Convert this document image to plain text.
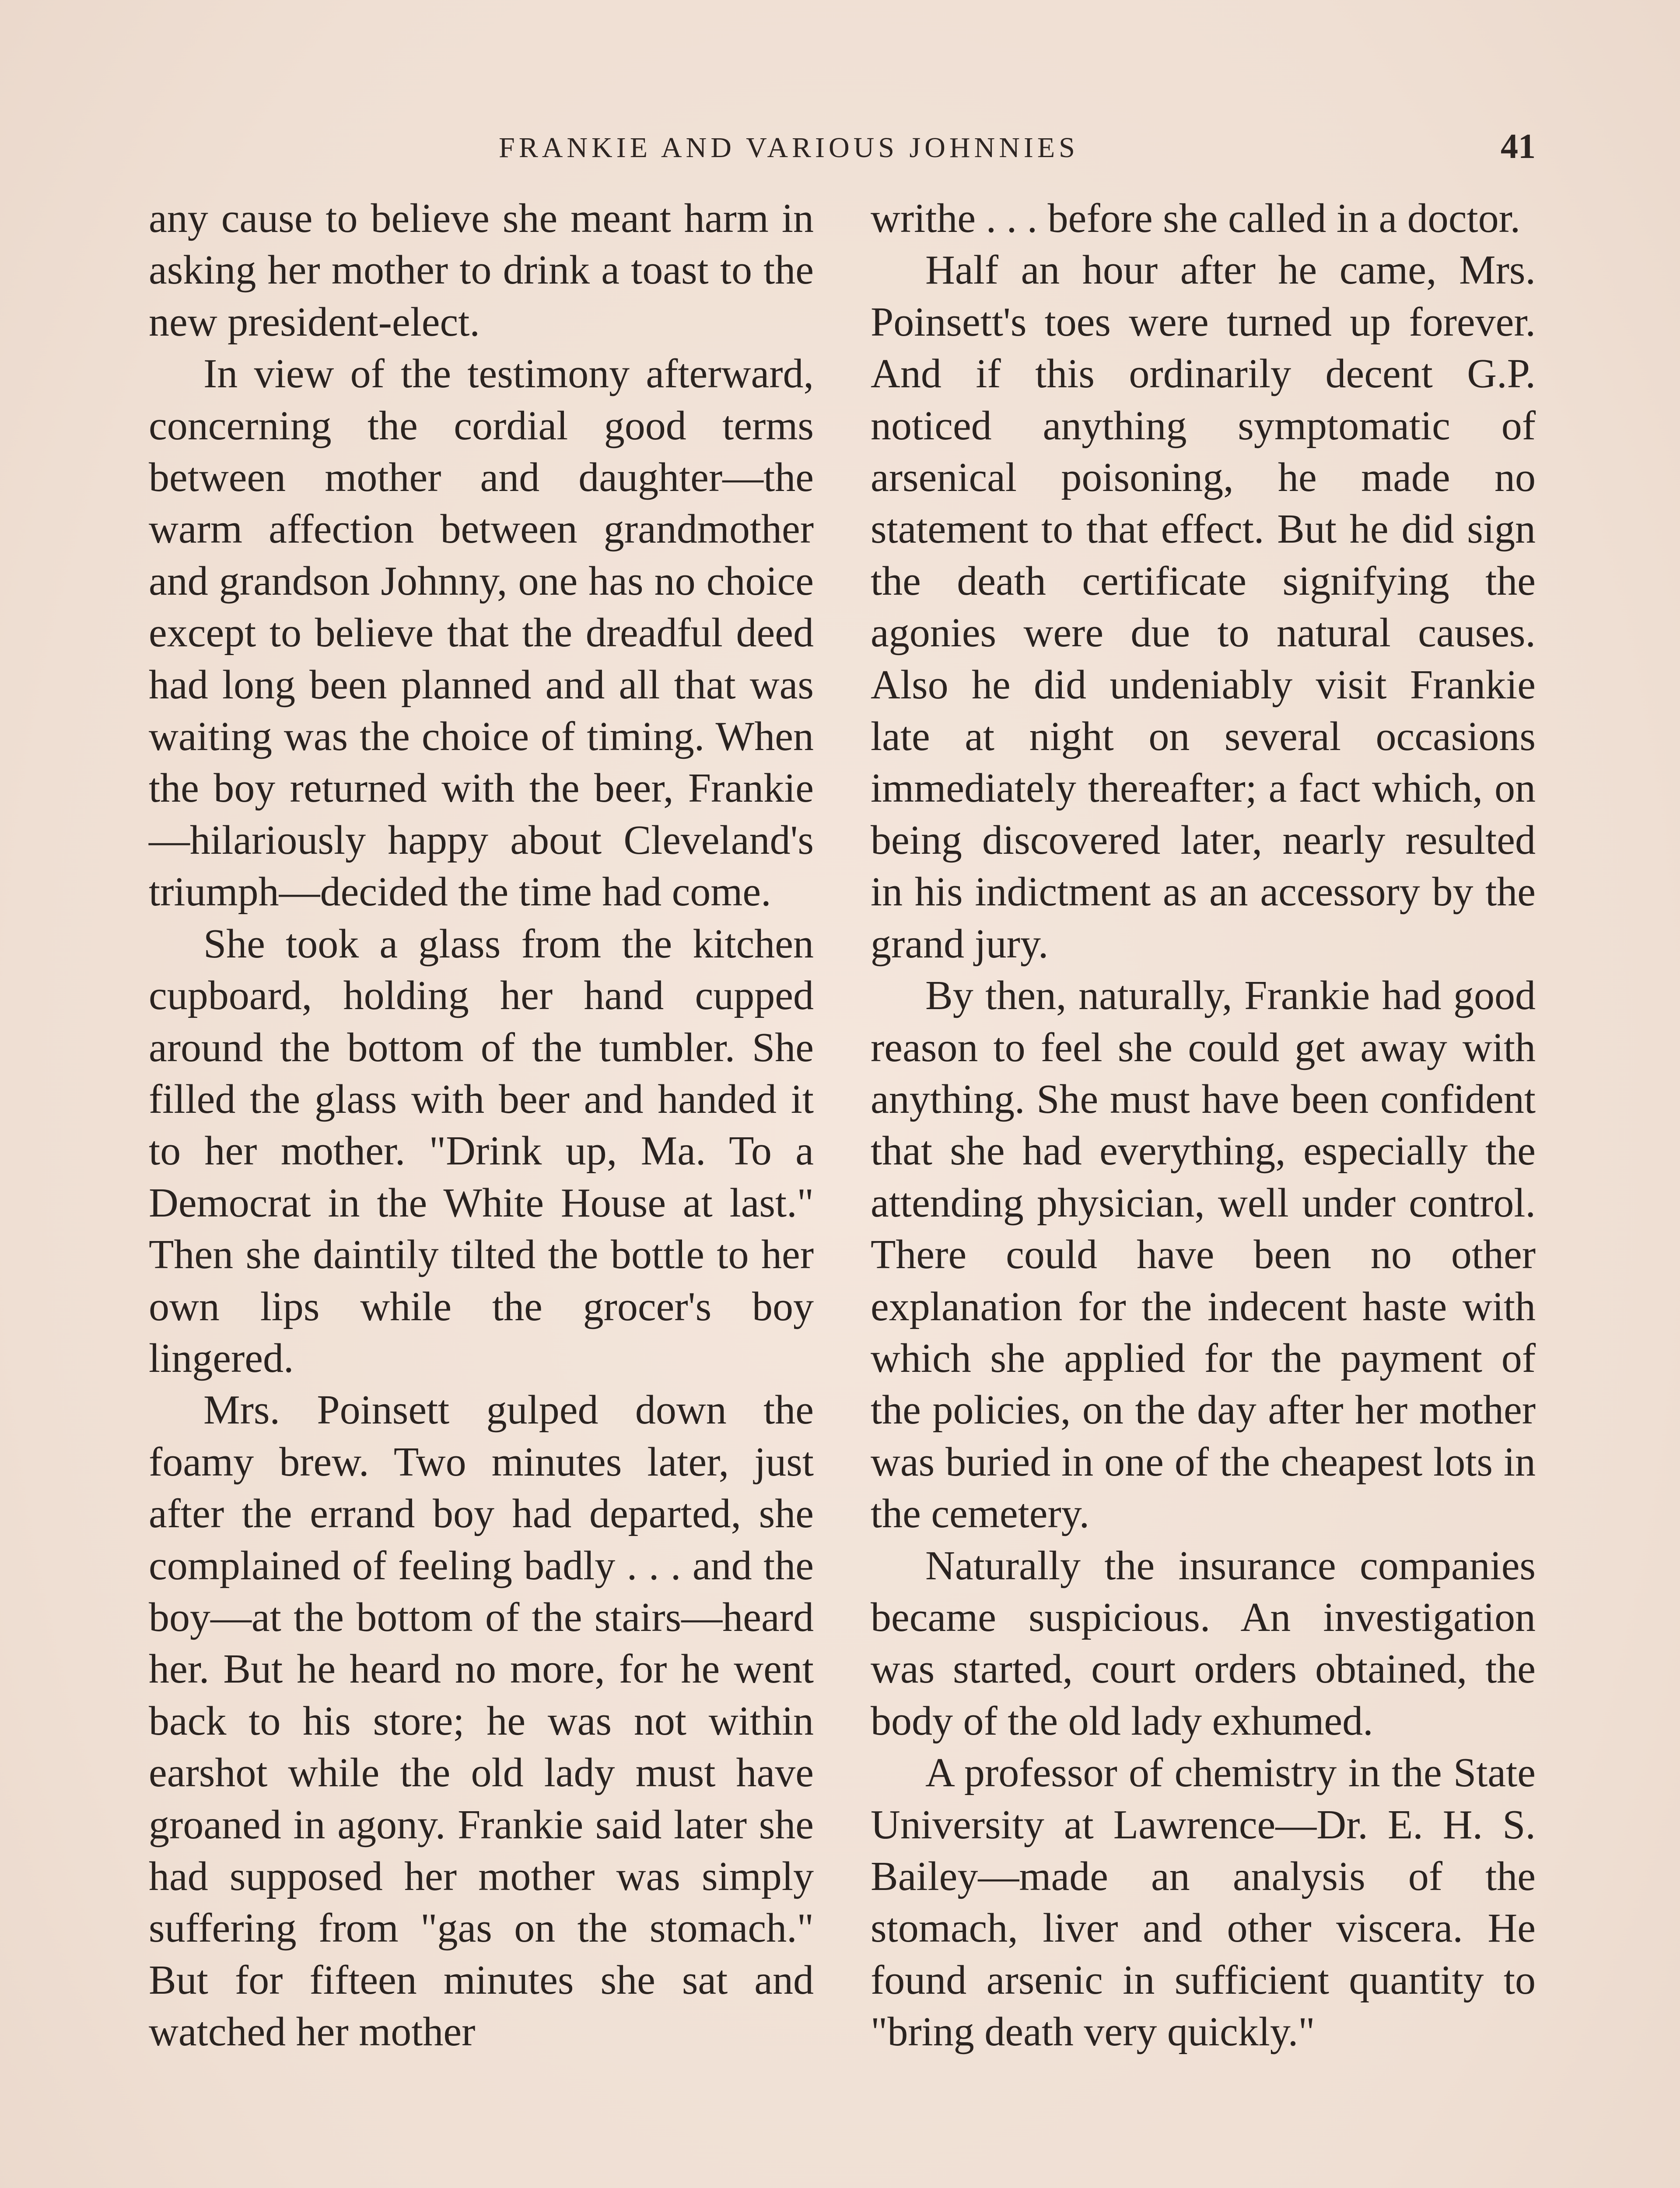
FRANKIE AND VARIOUS JOHNNIES	41

any cause to believe she meant harm in asking her mother to drink a toast to the new president-elect.

In view of the testimony afterward, concerning the cordial good terms between mother and daughter—the warm affection between grandmother and grandson Johnny, one has no choice except to believe that the dreadful deed had long been planned and all that was waiting was the choice of timing. When the boy returned with the beer, Frankie—hilariously happy about Cleveland's triumph—decided the time had come.

She took a glass from the kitchen cupboard, holding her hand cupped around the bottom of the tumbler. She filled the glass with beer and handed it to her mother. "Drink up, Ma. To a Democrat in the White House at last." Then she daintily tilted the bottle to her own lips while the grocer's boy lingered.

Mrs. Poinsett gulped down the foamy brew. Two minutes later, just after the errand boy had departed, she complained of feeling badly . . . and the boy—at the bottom of the stairs—heard her. But he heard no more, for he went back to his store; he was not within earshot while the old lady must have groaned in agony. Frankie said later she had supposed her mother was simply suffering from "gas on the stomach." But for fifteen minutes she sat and watched her mother

writhe . . . before she called in a doctor.

Half an hour after he came, Mrs. Poinsett's toes were turned up forever. And if this ordinarily decent G.P. noticed anything symptomatic of arsenical poisoning, he made no statement to that effect. But he did sign the death certificate signifying the agonies were due to natural causes. Also he did undeniably visit Frankie late at night on several occasions immediately thereafter; a fact which, on being discovered later, nearly resulted in his indictment as an accessory by the grand jury.

By then, naturally, Frankie had good reason to feel she could get away with anything. She must have been confident that she had everything, especially the attending physician, well under control. There could have been no other explanation for the indecent haste with which she applied for the payment of the policies, on the day after her mother was buried in one of the cheapest lots in the cemetery.

Naturally the insurance companies became suspicious. An investigation was started, court orders obtained, the body of the old lady exhumed.

A professor of chemistry in the State University at Lawrence—Dr. E. H. S. Bailey—made an analysis of the stomach, liver and other viscera. He found arsenic in sufficient quantity to "bring death very quickly."
